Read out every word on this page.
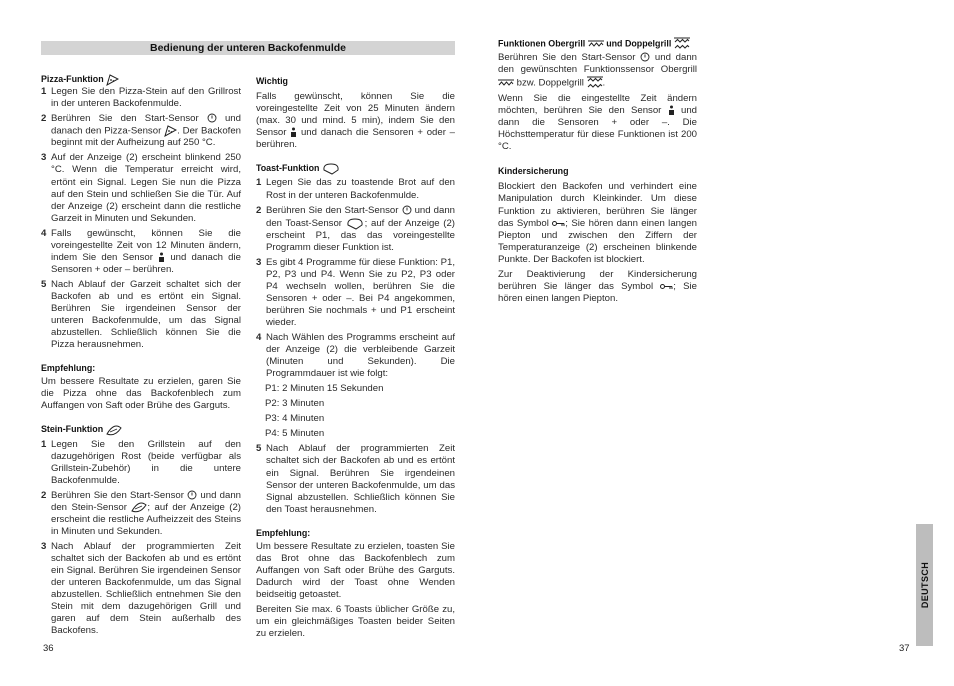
Bedienung der unteren Backofenmulde
Pizza-Funktion
1 Legen Sie den Pizza-Stein auf den Grillrost in der unteren Backofenmulde.
2 Berühren Sie den Start-Sensor	und danach den Pizza-Sensor . Der Backofen beginnt mit der Aufheizung auf 250 °C.
3 Auf der Anzeige (2) erscheint blinkend 250 °C. Wenn die Temperatur erreicht wird, ertönt ein Signal. Legen Sie nun die Pizza auf den Stein und schließen Sie die Tür. Auf der Anzeige (2) erscheint dann die restliche Garzeit in Minuten und Sekunden.
4 Falls gewünscht, können Sie die voreingestellte Zeit von 12 Minuten ändern, indem Sie den Sensor und danach die Sensoren + oder – berühren.
5 Nach Ablauf der Garzeit schaltet sich der Backofen ab und es ertönt ein Signal. Berühren Sie irgendeinen Sensor der unteren Backofenmulde, um das Signal abzustellen. Schließlich können Sie die Pizza herausnehmen.
Empfehlung:

Um bessere Resultate zu erzielen, garen Sie die Pizza ohne das Backofenblech zum Auffangen von Saft oder Brühe des Garguts.

Stein-Funktion
1 Legen Sie den Grillstein auf den dazugehörigen Rost (beide verfügbar als Grillstein-Zubehör) in die untere Backofenmulde.
2 Berühren Sie den Start-Sensor und dann den Stein-Sensor ; auf der Anzeige (2) erscheint die restliche Aufheizzeit des Steins in Minuten und Sekunden.
3 Nach Ablauf der programmierten Zeit schaltet sich der Backofen ab und es ertönt ein Signal. Berühren Sie irgendeinen Sensor der unteren Backofenmulde, um das Signal abzustellen. Schließlich entnehmen Sie den Stein mit dem dazugehörigen Grill und garen auf dem Stein außerhalb des Backofens.
Wichtig

Falls gewünscht, können Sie die voreingestellte Zeit von 25 Minuten ändern (max. 30 und mind. 5 min), indem Sie den Sensor und danach die Sensoren + oder – berühren.

Toast-Funktion
1 Legen Sie das zu toastende Brot auf den Rost in der unteren Backofenmulde.
2 Berühren Sie den Start-Sensor und dann den Toast-Sensor ; auf der Anzeige (2) erscheint P1, das das voreingestellte Programm dieser Funktion ist.
3 Es gibt 4 Programme für diese Funktion: P1, P2, P3 und P4. Wenn Sie zu P2, P3 oder P4 wechseln wollen, berühren Sie die Sensoren + oder –. Bei P4 angekommen, berühren Sie nochmals + und P1 erscheint wieder.
4 Nach Wählen des Programms erscheint auf der Anzeige (2) die verbleibende Garzeit (Minuten und Sekunden). Die Programmdauer ist wie folgt:
P1: 2 Minuten 15 Sekunden
P2: 3 Minuten
P3: 4 Minuten
P4: 5 Minuten
5 Nach Ablauf der programmierten Zeit schaltet sich der Backofen ab und es ertönt ein Signal. Berühren Sie irgendeinen Sensor der unteren Backofenmulde, um das Signal abzustellen. Schließlich können Sie den Toast herausnehmen.
Empfehlung:

Um bessere Resultate zu erzielen, toasten Sie das Brot ohne das Backofenblech zum Auffangen von Saft oder Brühe des Garguts. Dadurch wird der Toast ohne Wenden beidseitig getoastet.

Bereiten Sie max. 6 Toasts üblicher Größe zu, um ein gleichmäßiges Toasten beider Seiten zu erzielen.

Funktionen Obergrill und Doppelgrill

Berühren Sie den Start-Sensor und dann den gewünschten Funktionssensor Obergrill
bzw. Doppelgrill .

Wenn Sie die eingestellte Zeit ändern möchten, berühren Sie den Sensor und dann die Sensoren + oder –. Die Höchsttemperatur für diese Funktionen ist 200 °C.

Kindersicherung

Blockiert den Backofen und verhindert eine Manipulation durch Kleinkinder. Um diese Funktion zu aktivieren, berühren Sie länger das Symbol ; Sie hören dann einen langen Piepton und zwischen den Ziffern der Temperaturanzeige (2) erscheinen blinkende Punkte. Der Backofen ist blockiert.

Zur Deaktivierung der Kindersicherung berühren Sie länger das Symbol ; Sie hören einen langen Piepton.

DEUTSCH
36	37
